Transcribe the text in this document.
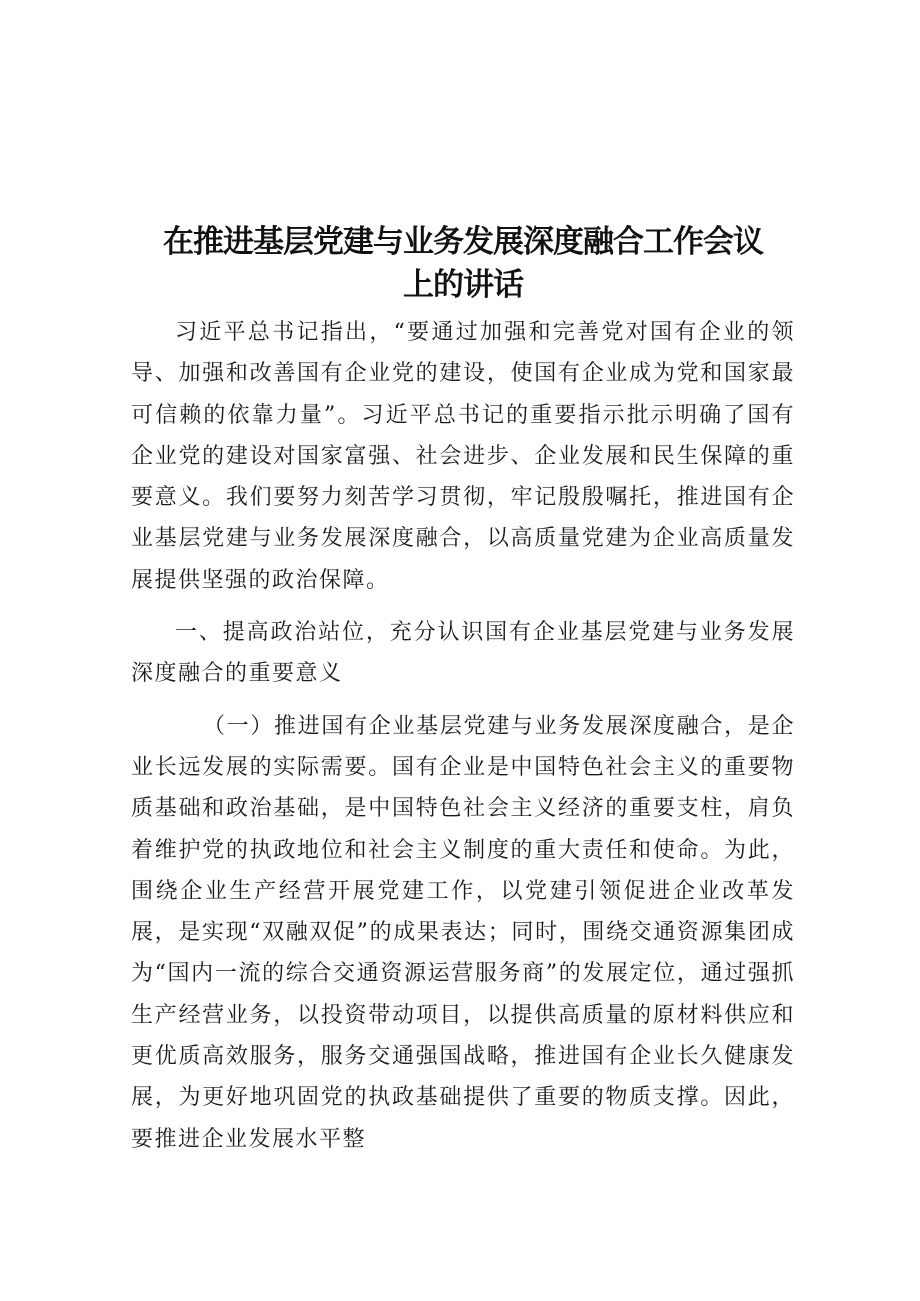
在推进基层党建与业务发展深度融合工作会议
上的讲话

习近平总书记指出，“要通过加强和完善党对国有企业的领导、加强和改善国有企业党的建设，使国有企业成为党和国家最可信赖的依靠力量”。习近平总书记的重要指示批示明确了国有企业党的建设对国家富强、社会进步、企业发展和民生保障的重要意义。我们要努力刻苦学习贯彻，牢记殷殷嘱托，推进国有企业基层党建与业务发展深度融合，以高质量党建为企业高质量发展提供坚强的政治保障。

一、提高政治站位，充分认识国有企业基层党建与业务发展深度融合的重要意义

（一）推进国有企业基层党建与业务发展深度融合，是企业长远发展的实际需要。国有企业是中国特色社会主义的重要物质基础和政治基础，是中国特色社会主义经济的重要支柱，肩负着维护党的执政地位和社会主义制度的重大责任和使命。为此，围绕企业生产经营开展党建工作，以党建引领促进企业改革发展，是实现“双融双促”的成果表达；同时，围绕交通资源集团成为“国内一流的综合交通资源运营服务商”的发展定位，通过强抓生产经营业务，以投资带动项目，以提供高质量的原材料供应和更优质高效服务，服务交通强国战略，推进国有企业长久健康发展，为更好地巩固党的执政基础提供了重要的物质支撑。因此，要推进企业发展水平整
